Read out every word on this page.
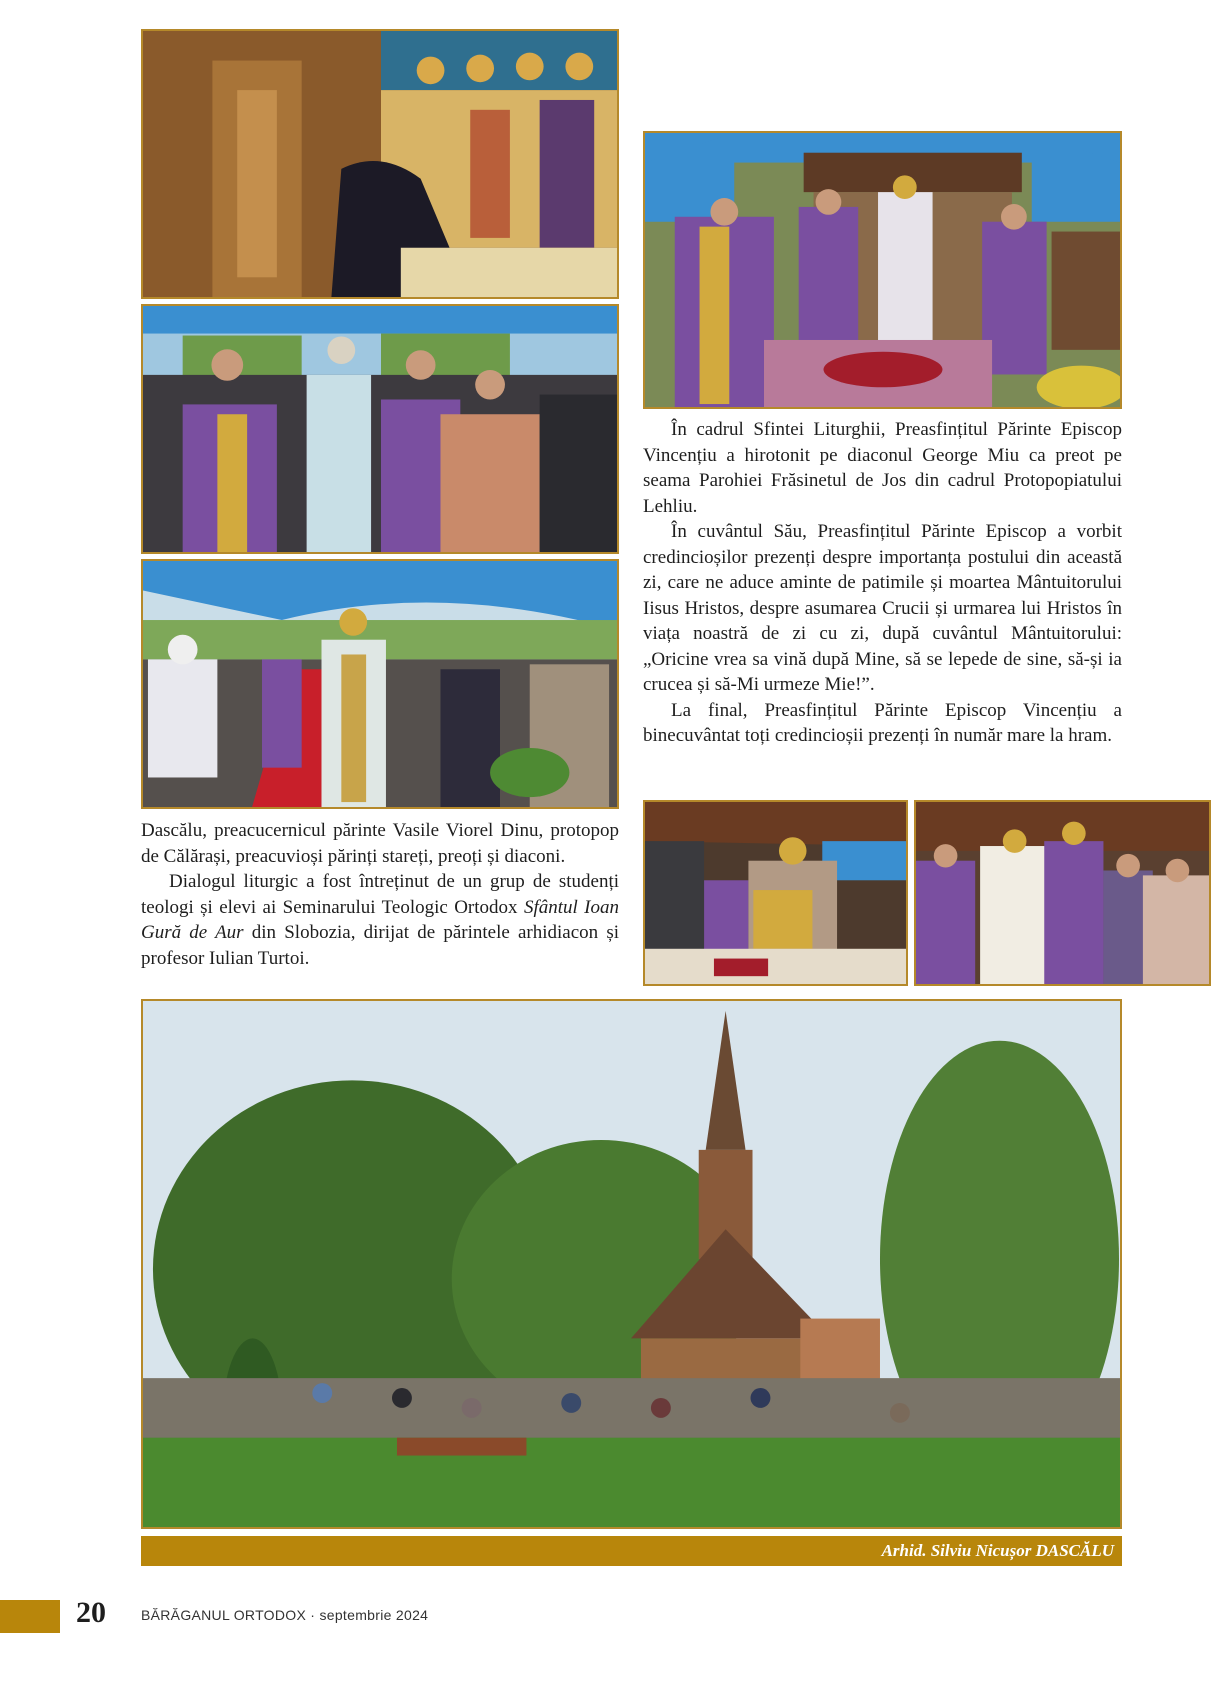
Dascălu, preacucernicul părinte Vasile Viorel Dinu, protopop de Călărași, preacuvioși părinți stareți, preoți și diaconi.

Dialogul liturgic a fost întreținut de un grup de studenți teologi și elevi ai Seminarului Teologic Ortodox Sfântul Ioan Gură de Aur din Slobozia, dirijat de părintele arhidiacon și profesor Iulian Turtoi.

În cadrul Sfintei Liturghii, Preasfințitul Părinte Episcop Vincențiu a hirotonit pe diaconul George Miu ca preot pe seama Parohiei Frăsinetul de Jos din cadrul Protopopiatului Lehliu.

În cuvântul Său, Preasfințitul Părinte Episcop a vorbit credincioșilor prezenți despre importanța postului din această zi, care ne aduce aminte de patimile și moartea Mântuitorului Iisus Hristos, despre asumarea Crucii și urmarea lui Hristos în viața noastră de zi cu zi, după cuvântul Mântuitorului: „Oricine vrea sa vină după Mine, să se lepede de sine, să-și ia crucea și să-Mi urmeze Mie!”.

La final, Preasfințitul Părinte Episcop Vincențiu a binecuvântat toți credincioșii prezenți în număr mare la hram.

Arhid. Silviu Nicușor DASCĂLU
20	BĂRĂGANUL ORTODOX · septembrie 2024
